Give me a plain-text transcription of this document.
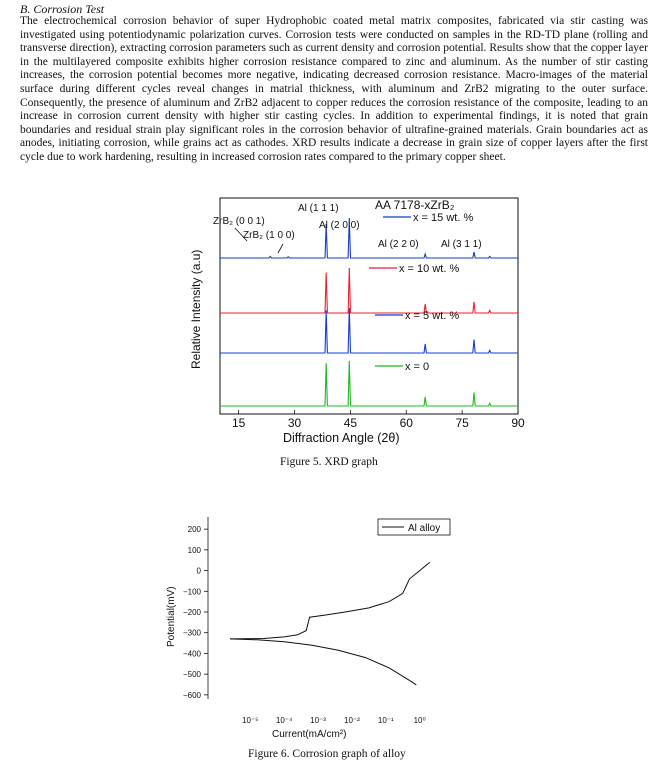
B. Corrosion Test
The electrochemical corrosion behavior of super Hydrophobic coated metal matrix composites, fabricated via stir casting was investigated using potentiodynamic polarization curves. Corrosion tests were conducted on samples in the RD-TD plane (rolling and transverse direction), extracting corrosion parameters such as current density and corrosion potential. Results show that the copper layer in the multilayered composite exhibits higher corrosion resistance compared to zinc and aluminum. As the number of stir casting increases, the corrosion potential becomes more negative, indicating decreased corrosion resistance. Macro-images of the material surface during different cycles reveal changes in matrial thickness, with aluminum and ZrB2 migrating to the outer surface. Consequently, the presence of aluminum and ZrB2 adjacent to copper reduces the corrosion resistance of the composite, leading to an increase in corrosion current density with higher stir casting cycles. In addition to experimental findings, it is noted that grain boundaries and residual strain play significant roles in the corrosion behavior of ultrafine-grained materials. Grain boundaries act as anodes, initiating corrosion, while grains act as cathodes. XRD results indicate a decrease in grain size of copper layers after the first cycle due to work hardening, resulting in increased corrosion rates compared to the primary copper sheet.
x = 15 wt. %
x = 10 wt. %
x = 5 wt. %
x = 0
15	30	45	60	75	90
AA 7178-xZrB₂
Al (1 1 1)
ZrB₂ (0 0 1)
ZrB₂ (1 0 0)
Al (2 0 0)
Al (2 2 0) Al (3 1 1)
Diffraction Angle (2θ)
Relative Intensity (a.u)
Figure 5. XRD graph
200
100
0
−100
−200
−300
−400
−500
−600
10⁻⁵ 10⁻⁴ 10⁻³ 10⁻² 10⁻¹ 10⁰
Al alloy
Current(mA/cm²)
Potential(mV)
Figure 6. Corrosion graph of alloy
